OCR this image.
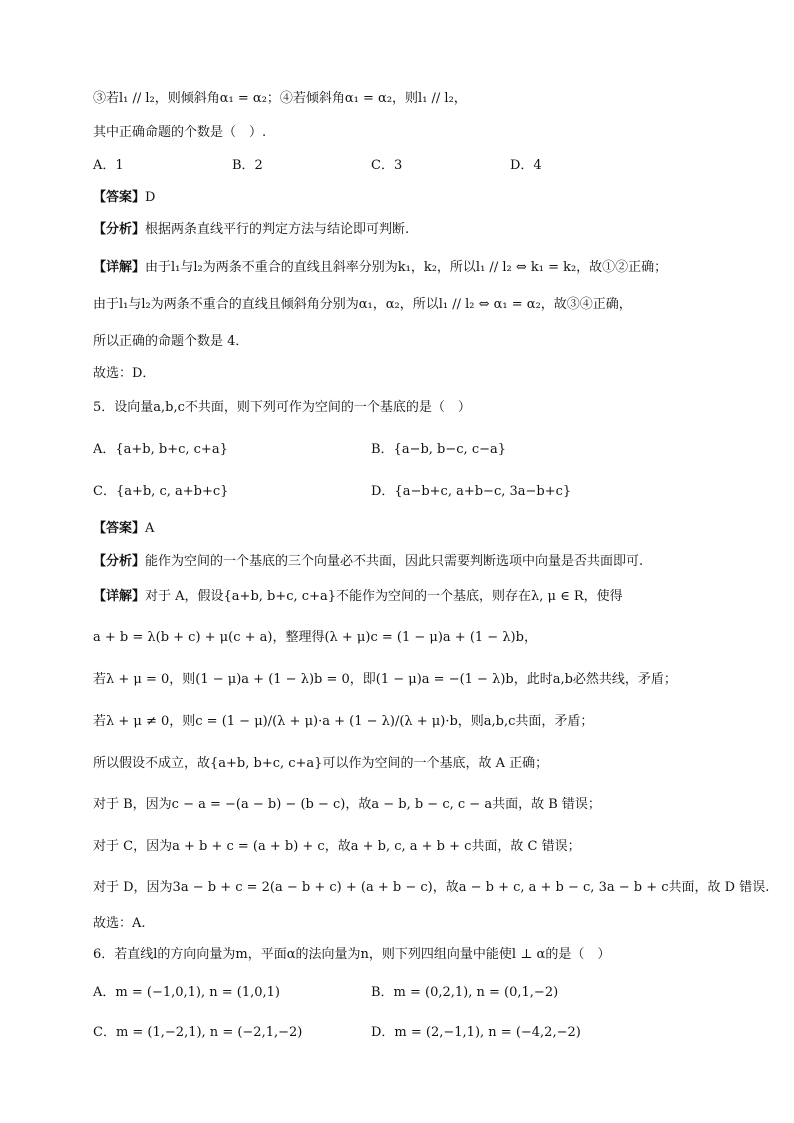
③若l₁ // l₂，则倾斜角α₁ = α₂；④若倾斜角α₁ = α₂，则l₁ // l₂，
其中正确命题的个数是（　）.
A．1	B．2	C．3	D．4
【答案】D
【分析】根据两条直线平行的判定方法与结论即可判断.
【详解】由于l₁与l₂为两条不重合的直线且斜率分别为k₁，k₂，所以l₁ // l₂ ⇔ k₁ = k₂，故①②正确；
由于l₁与l₂为两条不重合的直线且倾斜角分别为α₁，α₂，所以l₁ // l₂ ⇔ α₁ = α₂，故③④正确，
所以正确的命题个数是 4．
故选：D．
5．设向量a,b,c不共面，则下列可作为空间的一个基底的是（　）
A．{a+b, b+c, c+a}	B．{a−b, b−c, c−a}
C．{a+b, c, a+b+c}	D．{a−b+c, a+b−c, 3a−b+c}
【答案】A
【分析】能作为空间的一个基底的三个向量必不共面，因此只需要判断选项中向量是否共面即可.
【详解】对于 A，假设{a+b, b+c, c+a}不能作为空间的一个基底，则存在λ, μ ∈ R，使得
a + b = λ(b + c) + μ(c + a)，整理得(λ + μ)c = (1 − μ)a + (1 − λ)b，
若λ + μ = 0，则(1 − μ)a + (1 − λ)b = 0，即(1 − μ)a = −(1 − λ)b，此时a,b必然共线，矛盾；
若λ + μ ≠ 0，则c = (1 − μ)/(λ + μ)·a + (1 − λ)/(λ + μ)·b，则a,b,c共面，矛盾；
所以假设不成立，故{a+b, b+c, c+a}可以作为空间的一个基底，故 A 正确；
对于 B，因为c − a = −(a − b) − (b − c)，故a − b, b − c, c − a共面，故 B 错误；
对于 C，因为a + b + c = (a + b) + c，故a + b, c, a + b + c共面，故 C 错误；
对于 D，因为3a − b + c = 2(a − b + c) + (a + b − c)，故a − b + c, a + b − c, 3a − b + c共面，故 D 错误.
故选：A.
6．若直线l的方向向量为m，平面α的法向量为n，则下列四组向量中能使l ⊥ α的是（　）
A．m = (−1,0,1), n = (1,0,1)	B．m = (0,2,1), n = (0,1,−2)
C．m = (1,−2,1), n = (−2,1,−2)	D．m = (2,−1,1), n = (−4,2,−2)
